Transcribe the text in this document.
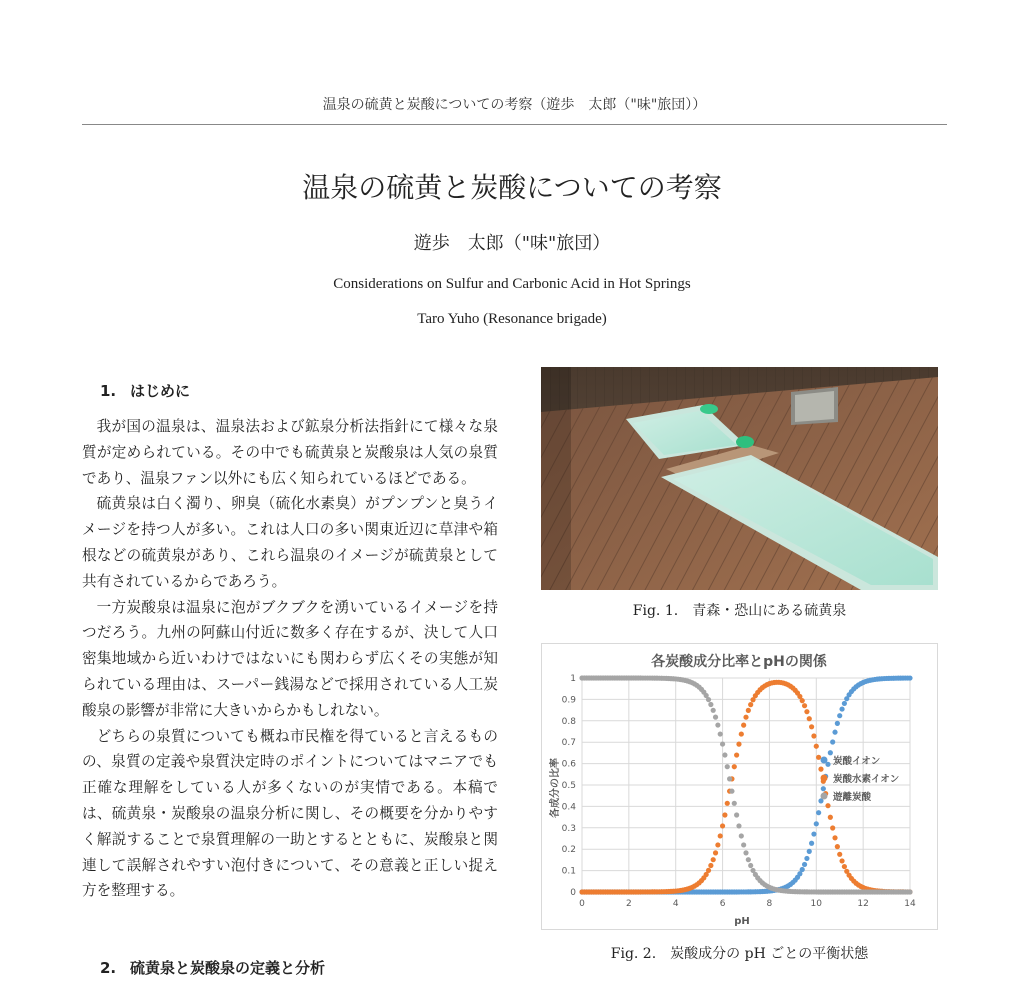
温泉の硫黄と炭酸についての考察（遊歩　太郎（"味"旅団））
温泉の硫黄と炭酸についての考察
遊歩　太郎（"味"旅団）
Considerations on Sulfur and Carbonic Acid in Hot Springs
Taro Yuho (Resonance brigade)
1. はじめに

我が国の温泉は、温泉法および鉱泉分析法指針にて様々な泉質が定められている。その中でも硫黄泉と炭酸泉は人気の泉質であり、温泉ファン以外にも広く知られているほどである。

硫黄泉は白く濁り、卵臭（硫化水素臭）がプンプンと臭うイメージを持つ人が多い。これは人口の多い関東近辺に草津や箱根などの硫黄泉があり、これら温泉のイメージが硫黄泉として共有されているからであろう。

一方炭酸泉は温泉に泡がブクブクを湧いているイメージを持つだろう。九州の阿蘇山付近に数多く存在するが、決して人口密集地域から近いわけではないにも関わらず広くその実態が知られている理由は、スーパー銭湯などで採用されている人工炭酸泉の影響が非常に大きいからかもしれない。

どちらの泉質についても概ね市民権を得ていると言えるものの、泉質の定義や泉質決定時のポイントについてはマニアでも正確な理解をしている人が多くないのが実情である。本稿では、硫黄泉・炭酸泉の温泉分析に関し、その概要を分かりやすく解説することで泉質理解の一助とするとともに、炭酸泉と関連して誤解されやすい泡付きについて、その意義と正しい捉え方を整理する。

2. 硫黄泉と炭酸泉の定義と分析
Fig. 1.　青森・恐山にある硫黄泉
各炭酸成分比率とpHの関係
pH
各成分の比率
0
0.1
0.2
0.3
0.4
0.5
0.6
0.7
0.8
0.9
1
0	2	4	6	8	10	12	14
炭酸イオン
炭酸水素イオン
遊離炭酸
Fig. 2.　炭酸成分の pH ごとの平衡状態
